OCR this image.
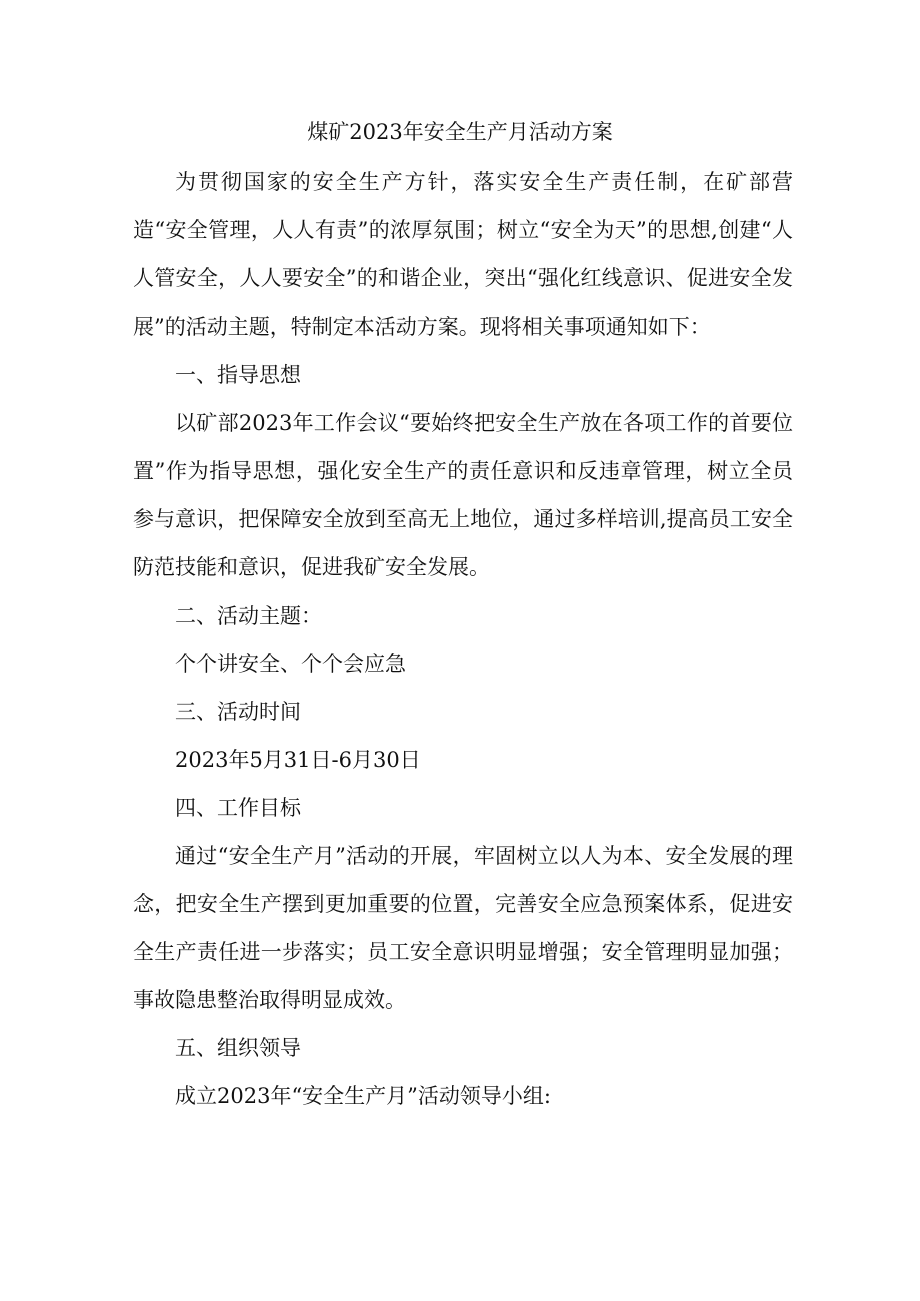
煤矿2023年安全生产月活动方案

为贯彻国家的安全生产方针，落实安全生产责任制，在矿部营造“安全管理，人人有责”的浓厚氛围；树立“安全为天”的思想,创建“人人管安全，人人要安全”的和谐企业，突出“强化红线意识、促进安全发展”的活动主题，特制定本活动方案。现将相关事项通知如下：

一、指导思想

以矿部2023年工作会议“要始终把安全生产放在各项工作的首要位置”作为指导思想，强化安全生产的责任意识和反违章管理，树立全员参与意识，把保障安全放到至高无上地位，通过多样培训,提高员工安全防范技能和意识，促进我矿安全发展。

二、活动主题：

个个讲安全、个个会应急

三、活动时间

2023年5月31日-6月30日

四、工作目标

通过“安全生产月”活动的开展，牢固树立以人为本、安全发展的理念，把安全生产摆到更加重要的位置，完善安全应急预案体系，促进安全生产责任进一步落实；员工安全意识明显增强；安全管理明显加强；事故隐患整治取得明显成效。

五、组织领导

成立2023年“安全生产月”活动领导小组:
